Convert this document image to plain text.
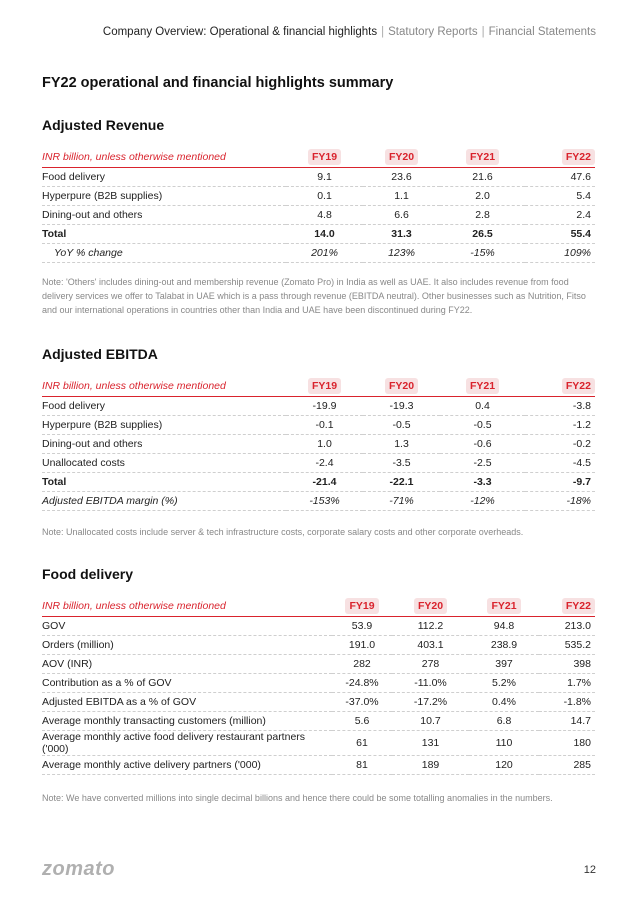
Company Overview: Operational & financial highlights | Statutory Reports | Financial Statements
FY22 operational and financial highlights summary
Adjusted Revenue
INR billion, unless otherwise mentioned	FY19	FY20	FY21	FY22
Food delivery	9.1	23.6	21.6	47.6
Hyperpure (B2B supplies)	0.1	1.1	2.0	5.4
Dining-out and others	4.8	6.6	2.8	2.4
Total	14.0	31.3	26.5	55.4
YoY % change	201%	123%	-15%	109%
Note: 'Others' includes dining-out and membership revenue (Zomato Pro) in India as well as UAE. It also includes revenue from food delivery services we offer to Talabat in UAE which is a pass through revenue (EBITDA neutral). Other businesses such as Nutrition, Fitso and our international operations in countries other than India and UAE have been discontinued during FY22.
Adjusted EBITDA
INR billion, unless otherwise mentioned	FY19	FY20	FY21	FY22
Food delivery	-19.9	-19.3	0.4	-3.8
Hyperpure (B2B supplies)	-0.1	-0.5	-0.5	-1.2
Dining-out and others	1.0	1.3	-0.6	-0.2
Unallocated costs	-2.4	-3.5	-2.5	-4.5
Total	-21.4	-22.1	-3.3	-9.7
Adjusted EBITDA margin (%)	-153%	-71%	-12%	-18%
Note: Unallocated costs include server & tech infrastructure costs, corporate salary costs and other corporate overheads.
Food delivery
INR billion, unless otherwise mentioned	FY19	FY20	FY21	FY22
GOV	53.9	112.2	94.8	213.0
Orders (million)	191.0	403.1	238.9	535.2
AOV (INR)	282	278	397	398
Contribution as a % of GOV	-24.8%	-11.0%	5.2%	1.7%
Adjusted EBITDA as a % of GOV	-37.0%	-17.2%	0.4%	-1.8%
Average monthly transacting customers (million)	5.6	10.7	6.8	14.7
Average monthly active food delivery restaurant partners ('000)	61	131	110	180
Average monthly active delivery partners ('000)	81	189	120	285
Note: We have converted millions into single decimal billions and hence there could be some totalling anomalies in the numbers.
zomato	12
